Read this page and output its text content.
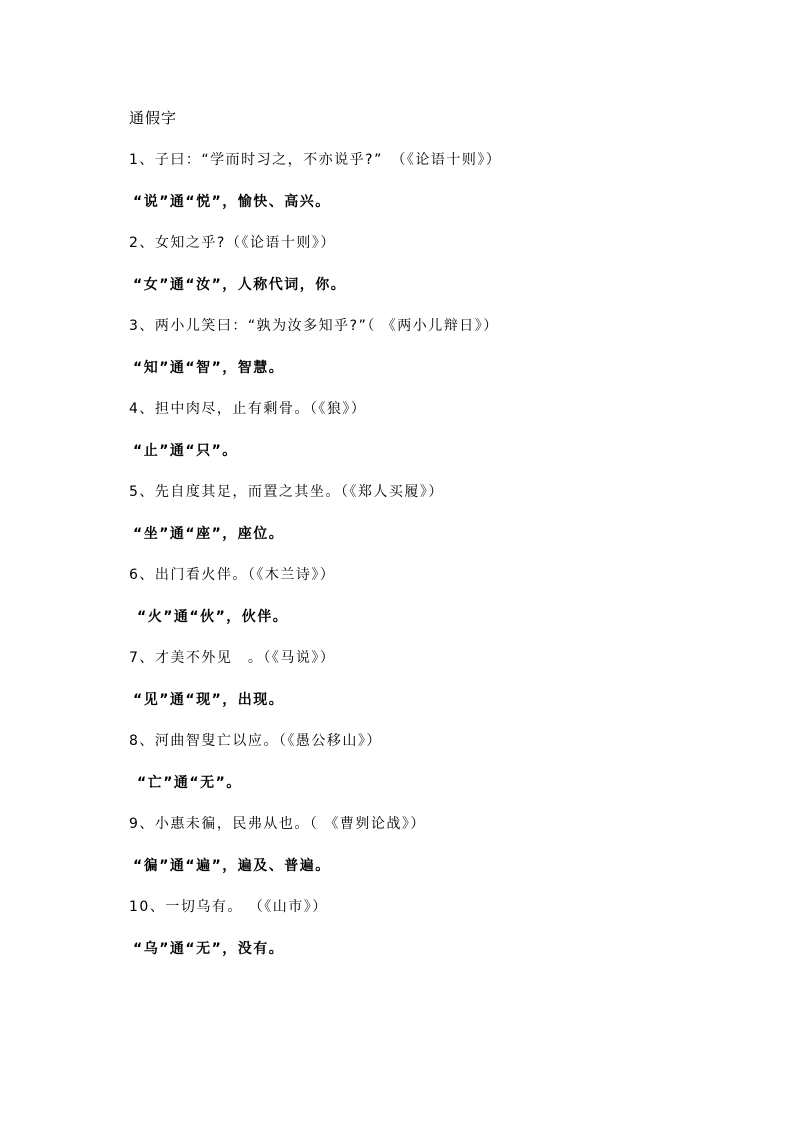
通假字
1、子曰：“学而时习之，不亦说乎?”　（《论语十则》）
“说”通“悦”，愉快、高兴。
2、女知之乎?（《论语十则》）
“女”通“汝”，人称代词，你。
3、两小儿笑曰：“孰为汝多知乎?”（ 《两小儿辩日》）
“知”通“智”，智慧。
4、担中肉尽，止有剩骨。（《狼》）
“止”通“只”。
5、先自度其足，而置之其坐。（《郑人买履》）
“坐”通“座”，座位。
6、出门看火伴。（《木兰诗》）
“火”通“伙”，伙伴。
7、才美不外见　。（《马说》）
“见”通“现”，出现。
8、河曲智叟亡以应。（《愚公移山》）
“亡”通“无”。
9、小惠未徧，民弗从也。（ 《曹刿论战》）
“徧”通“遍”，遍及、普遍。
10、一切乌有。 （《山市》）
“乌”通“无”，没有。
